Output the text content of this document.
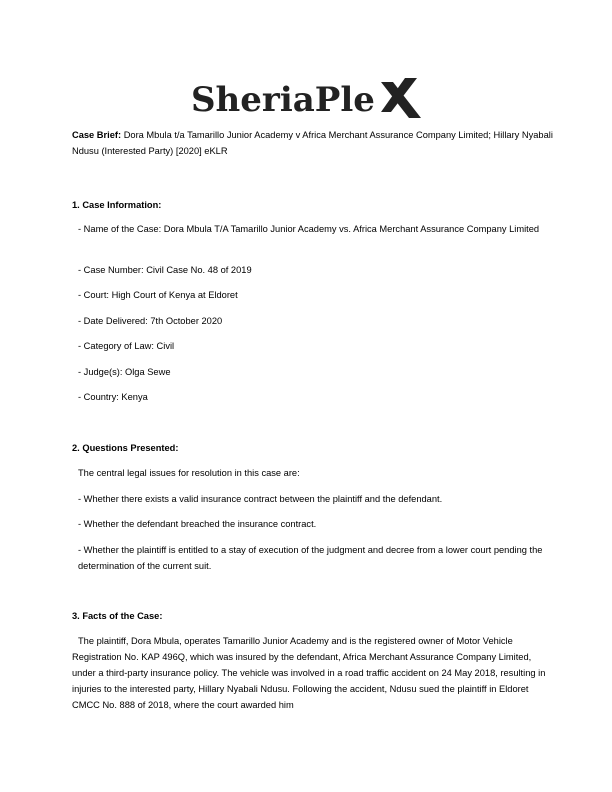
SheriaPle

Case Brief: Dora Mbula t/a Tamarillo Junior Academy v Africa Merchant Assurance Company Limited; Hillary Nyabali Ndusu (Interested Party) [2020] eKLR

1. Case Information:
- Name of the Case: Dora Mbula T/A Tamarillo Junior Academy vs. Africa Merchant Assurance Company Limited
- Case Number: Civil Case No. 48 of 2019
- Court: High Court of Kenya at Eldoret
- Date Delivered: 7th October 2020
- Category of Law: Civil
- Judge(s): Olga Sewe
- Country: Kenya
2. Questions Presented:
The central legal issues for resolution in this case are:
- Whether there exists a valid insurance contract between the plaintiff and the defendant.
- Whether the defendant breached the insurance contract.
- Whether the plaintiff is entitled to a stay of execution of the judgment and decree from a lower court pending the determination of the current suit.
3. Facts of the Case:
The plaintiff, Dora Mbula, operates Tamarillo Junior Academy and is the registered owner of Motor Vehicle Registration No. KAP 496Q, which was insured by the defendant, Africa Merchant Assurance Company Limited, under a third-party insurance policy. The vehicle was involved in a road traffic accident on 24 May 2018, resulting in injuries to the interested party, Hillary Nyabali Ndusu. Following the accident, Ndusu sued the plaintiff in Eldoret CMCC No. 888 of 2018, where the court awarded him
